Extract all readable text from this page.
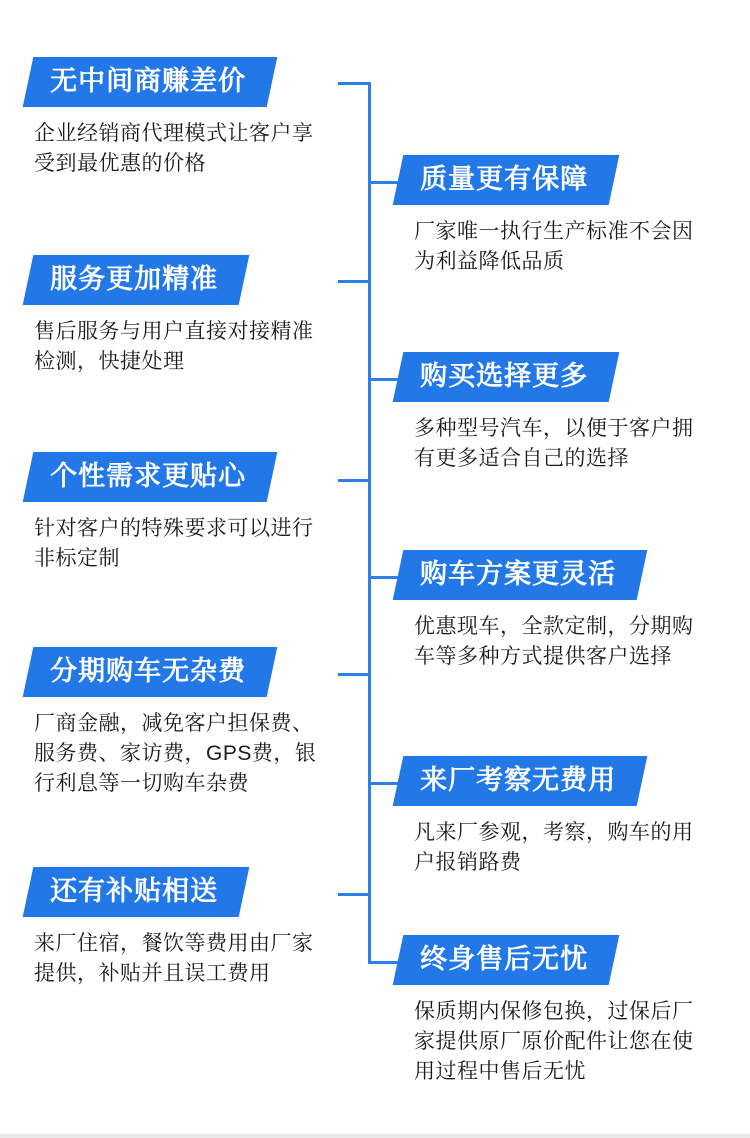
无中间商赚差价
企业经销商代理模式让客户享受到最优惠的价格
质量更有保障
厂家唯一执行生产标准不会因为利益降低品质
服务更加精准
售后服务与用户直接对接精准检测，快捷处理	购买选择更多
多种型号汽车，以便于客户拥有更多适合自己的选择
个性需求更贴心
针对客户的特殊要求可以进行非标定制
购车方案更灵活
优惠现车，全款定制，分期购车等多种方式提供客户选择
分期购车无杂费
厂商金融，减免客户担保费、服务费、家访费，GPS费，银行利息等一切购车杂费	来厂考察无费用
凡来厂参观，考察，购车的用户报销路费
还有补贴相送
来厂住宿，餐饮等费用由厂家提供，补贴并且误工费用	终身售后无忧
保质期内保修包换，过保后厂家提供原厂原价配件让您在使用过程中售后无忧
